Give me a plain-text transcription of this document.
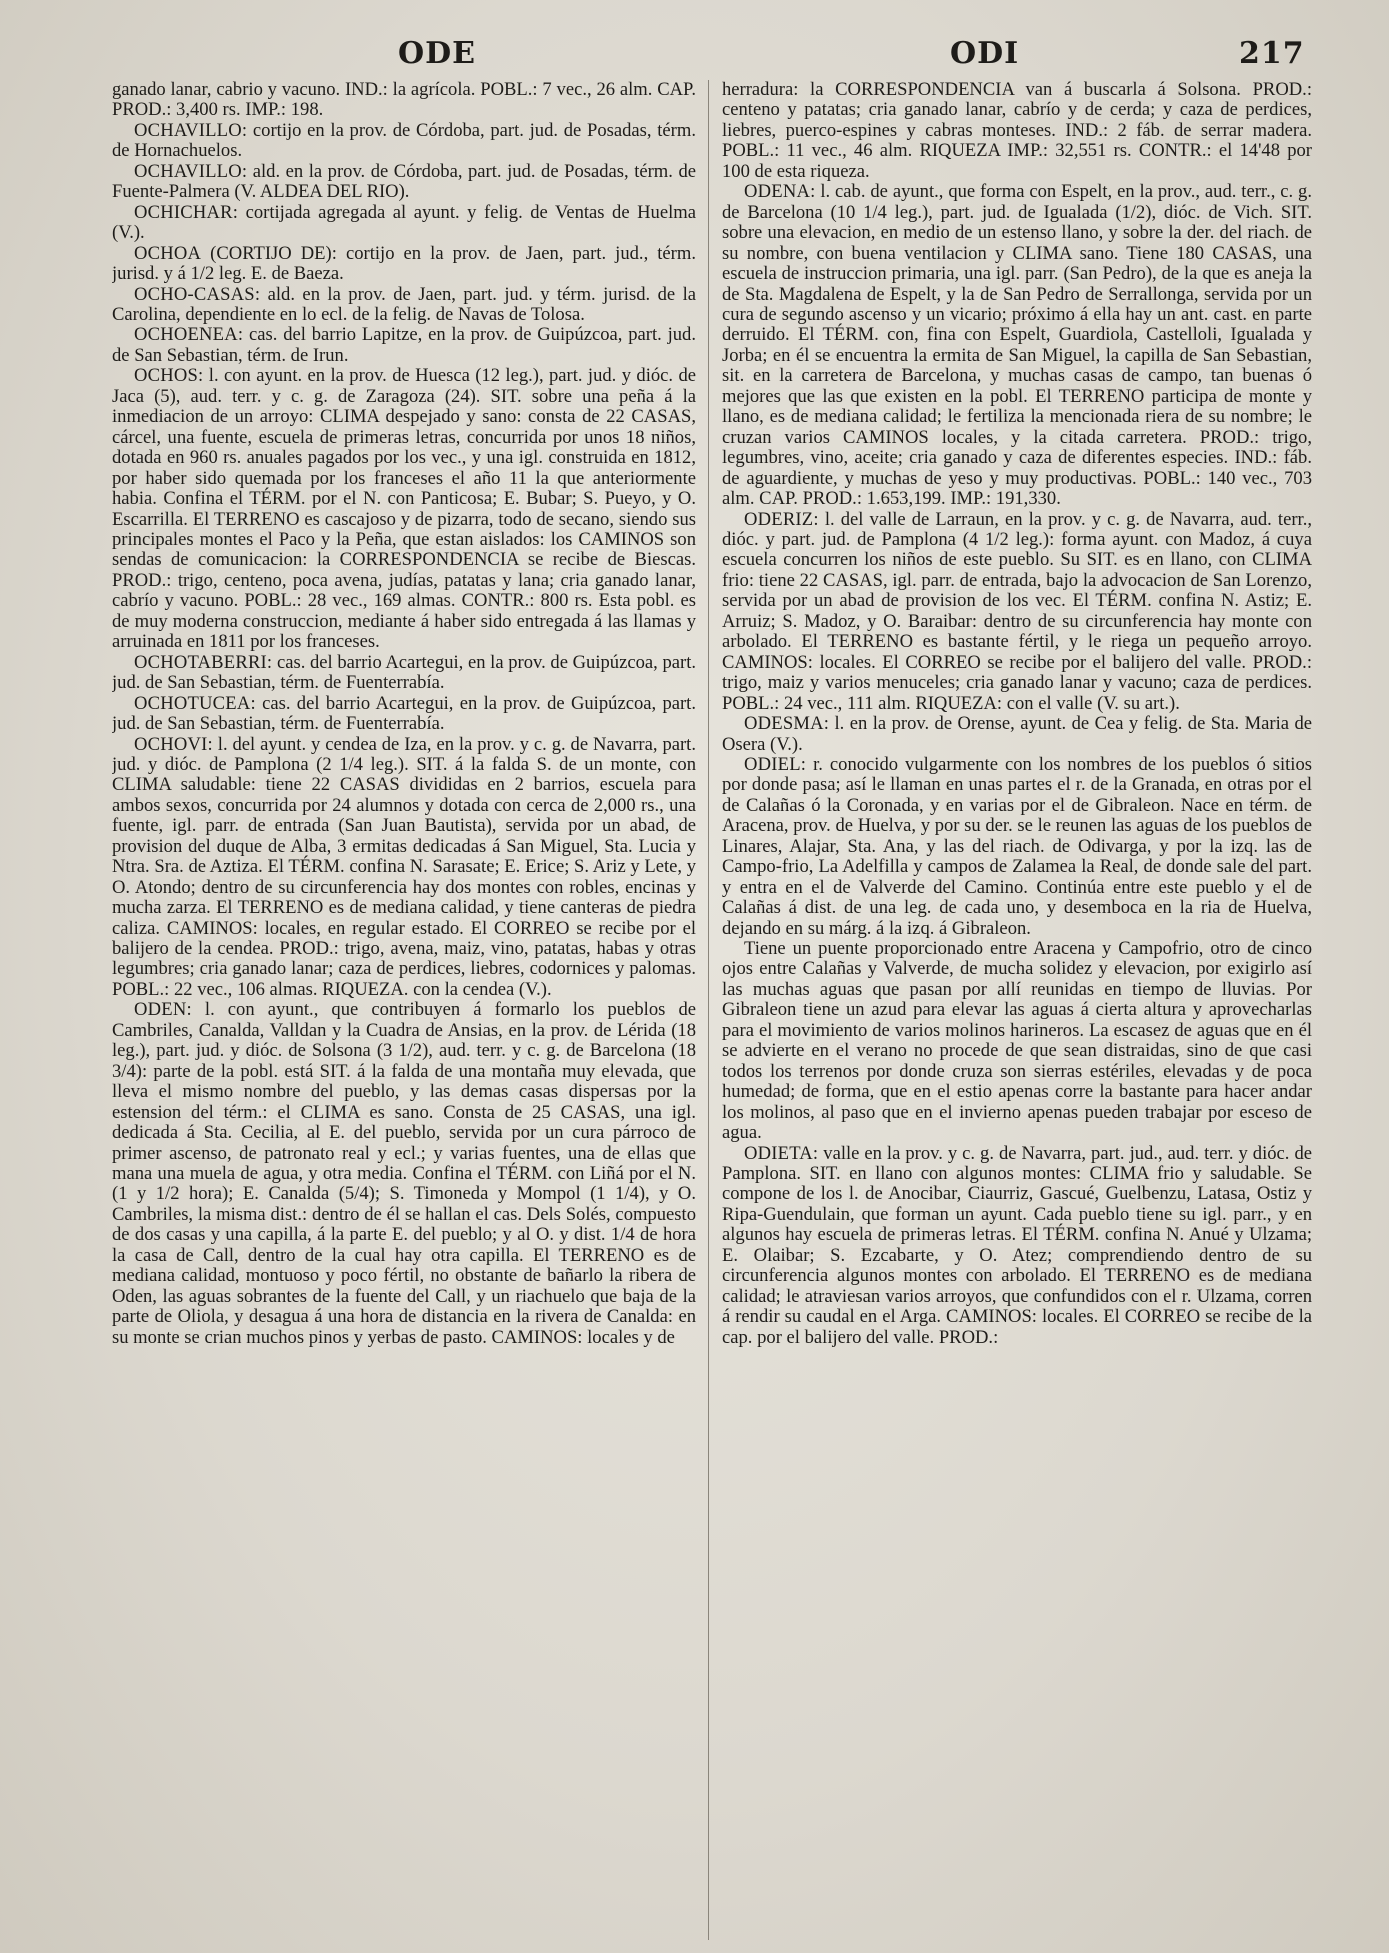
ODE	ODI	217

ganado lanar, cabrio y vacuno. IND.: la agrícola. POBL.: 7 vec., 26 alm. CAP. PROD.: 3,400 rs. IMP.: 198.

OCHAVILLO: cortijo en la prov. de Córdoba, part. jud. de Posadas, térm. de Hornachuelos.

OCHAVILLO: ald. en la prov. de Córdoba, part. jud. de Posadas, térm. de Fuente-Palmera (V. ALDEA DEL RIO).

OCHICHAR: cortijada agregada al ayunt. y felig. de Ventas de Huelma (V.).

OCHOA (CORTIJO DE): cortijo en la prov. de Jaen, part. jud., térm. jurisd. y á 1/2 leg. E. de Baeza.

OCHO-CASAS: ald. en la prov. de Jaen, part. jud. y térm. jurisd. de la Carolina, dependiente en lo ecl. de la felig. de Navas de Tolosa.

OCHOENEA: cas. del barrio Lapitze, en la prov. de Guipúzcoa, part. jud. de San Sebastian, térm. de Irun.

OCHOS: l. con ayunt. en la prov. de Huesca (12 leg.), part. jud. y dióc. de Jaca (5), aud. terr. y c. g. de Zaragoza (24). SIT. sobre una peña á la inmediacion de un arroyo: CLIMA despejado y sano: consta de 22 CASAS, cárcel, una fuente, escuela de primeras letras, concurrida por unos 18 niños, dotada en 960 rs. anuales pagados por los vec., y una igl. construida en 1812, por haber sido quemada por los franceses el año 11 la que anteriormente habia. Confina el TÉRM. por el N. con Panticosa; E. Bubar; S. Pueyo, y O. Escarrilla. El TERRENO es cascajoso y de pizarra, todo de secano, siendo sus principales montes el Paco y la Peña, que estan aislados: los CAMINOS son sendas de comunicacion: la CORRESPONDENCIA se recibe de Biescas. PROD.: trigo, centeno, poca avena, judías, patatas y lana; cria ganado lanar, cabrío y vacuno. POBL.: 28 vec., 169 almas. CONTR.: 800 rs. Esta pobl. es de muy moderna construccion, mediante á haber sido entregada á las llamas y arruinada en 1811 por los franceses.

OCHOTABERRI: cas. del barrio Acartegui, en la prov. de Guipúzcoa, part. jud. de San Sebastian, térm. de Fuenterrabía.

OCHOTUCEA: cas. del barrio Acartegui, en la prov. de Guipúzcoa, part. jud. de San Sebastian, térm. de Fuenterrabía.

OCHOVI: l. del ayunt. y cendea de Iza, en la prov. y c. g. de Navarra, part. jud. y dióc. de Pamplona (2 1/4 leg.). SIT. á la falda S. de un monte, con CLIMA saludable: tiene 22 CASAS divididas en 2 barrios, escuela para ambos sexos, concurrida por 24 alumnos y dotada con cerca de 2,000 rs., una fuente, igl. parr. de entrada (San Juan Bautista), servida por un abad, de provision del duque de Alba, 3 ermitas dedicadas á San Miguel, Sta. Lucia y Ntra. Sra. de Aztiza. El TÉRM. confina N. Sarasate; E. Erice; S. Ariz y Lete, y O. Atondo; dentro de su circunferencia hay dos montes con robles, encinas y mucha zarza. El TERRENO es de mediana calidad, y tiene canteras de piedra caliza. CAMINOS: locales, en regular estado. El CORREO se recibe por el balijero de la cendea. PROD.: trigo, avena, maiz, vino, patatas, habas y otras legumbres; cria ganado lanar; caza de perdices, liebres, codornices y palomas. POBL.: 22 vec., 106 almas. RIQUEZA. con la cendea (V.).

ODEN: l. con ayunt., que contribuyen á formarlo los pueblos de Cambriles, Canalda, Valldan y la Cuadra de Ansias, en la prov. de Lérida (18 leg.), part. jud. y dióc. de Solsona (3 1/2), aud. terr. y c. g. de Barcelona (18 3/4): parte de la pobl. está SIT. á la falda de una montaña muy elevada, que lleva el mismo nombre del pueblo, y las demas casas dispersas por la estension del térm.: el CLIMA es sano. Consta de 25 CASAS, una igl. dedicada á Sta. Cecilia, al E. del pueblo, servida por un cura párroco de primer ascenso, de patronato real y ecl.; y varias fuentes, una de ellas que mana una muela de agua, y otra media. Confina el TÉRM. con Liñá por el N. (1 y 1/2 hora); E. Canalda (5/4); S. Timoneda y Mompol (1 1/4), y O. Cambriles, la misma dist.: dentro de él se hallan el cas. Dels Solés, compuesto de dos casas y una capilla, á la parte E. del pueblo; y al O. y dist. 1/4 de hora la casa de Call, dentro de la cual hay otra capilla. El TERRENO es de mediana calidad, montuoso y poco fértil, no obstante de bañarlo la ribera de Oden, las aguas sobrantes de la fuente del Call, y un riachuelo que baja de la parte de Oliola, y desagua á una hora de distancia en la rivera de Canalda: en su monte se crian muchos pinos y yerbas de pasto. CAMINOS: locales y de

herradura: la CORRESPONDENCIA van á buscarla á Solsona. PROD.: centeno y patatas; cria ganado lanar, cabrío y de cerda; y caza de perdices, liebres, puerco-espines y cabras monteses. IND.: 2 fáb. de serrar madera. POBL.: 11 vec., 46 alm. RIQUEZA IMP.: 32,551 rs. CONTR.: el 14'48 por 100 de esta riqueza.

ODENA: l. cab. de ayunt., que forma con Espelt, en la prov., aud. terr., c. g. de Barcelona (10 1/4 leg.), part. jud. de Igualada (1/2), dióc. de Vich. SIT. sobre una elevacion, en medio de un estenso llano, y sobre la der. del riach. de su nombre, con buena ventilacion y CLIMA sano. Tiene 180 CASAS, una escuela de instruccion primaria, una igl. parr. (San Pedro), de la que es aneja la de Sta. Magdalena de Espelt, y la de San Pedro de Serrallonga, servida por un cura de segundo ascenso y un vicario; próximo á ella hay un ant. cast. en parte derruido. El TÉRM. con, fina con Espelt, Guardiola, Castelloli, Igualada y Jorba; en él se encuentra la ermita de San Miguel, la capilla de San Sebastian, sit. en la carretera de Barcelona, y muchas casas de campo, tan buenas ó mejores que las que existen en la pobl. El TERRENO participa de monte y llano, es de mediana calidad; le fertiliza la mencionada riera de su nombre; le cruzan varios CAMINOS locales, y la citada carretera. PROD.: trigo, legumbres, vino, aceite; cria ganado y caza de diferentes especies. IND.: fáb. de aguardiente, y muchas de yeso y muy productivas. POBL.: 140 vec., 703 alm. CAP. PROD.: 1.653,199. IMP.: 191,330.

ODERIZ: l. del valle de Larraun, en la prov. y c. g. de Navarra, aud. terr., dióc. y part. jud. de Pamplona (4 1/2 leg.): forma ayunt. con Madoz, á cuya escuela concurren los niños de este pueblo. Su SIT. es en llano, con CLIMA frio: tiene 22 CASAS, igl. parr. de entrada, bajo la advocacion de San Lorenzo, servida por un abad de provision de los vec. El TÉRM. confina N. Astiz; E. Arruiz; S. Madoz, y O. Baraibar: dentro de su circunferencia hay monte con arbolado. El TERRENO es bastante fértil, y le riega un pequeño arroyo. CAMINOS: locales. El CORREO se recibe por el balijero del valle. PROD.: trigo, maiz y varios menuceles; cria ganado lanar y vacuno; caza de perdices. POBL.: 24 vec., 111 alm. RIQUEZA: con el valle (V. su art.).

ODESMA: l. en la prov. de Orense, ayunt. de Cea y felig. de Sta. Maria de Osera (V.).

ODIEL: r. conocido vulgarmente con los nombres de los pueblos ó sitios por donde pasa; así le llaman en unas partes el r. de la Granada, en otras por el de Calañas ó la Coronada, y en varias por el de Gibraleon. Nace en térm. de Aracena, prov. de Huelva, y por su der. se le reunen las aguas de los pueblos de Linares, Alajar, Sta. Ana, y las del riach. de Odivarga, y por la izq. las de Campo-frio, La Adelfilla y campos de Zalamea la Real, de donde sale del part. y entra en el de Valverde del Camino. Continúa entre este pueblo y el de Calañas á dist. de una leg. de cada uno, y desemboca en la ria de Huelva, dejando en su márg. á la izq. á Gibraleon.

Tiene un puente proporcionado entre Aracena y Campofrio, otro de cinco ojos entre Calañas y Valverde, de mucha solidez y elevacion, por exigirlo así las muchas aguas que pasan por allí reunidas en tiempo de lluvias. Por Gibraleon tiene un azud para elevar las aguas á cierta altura y aprovecharlas para el movimiento de varios molinos harineros. La escasez de aguas que en él se advierte en el verano no procede de que sean distraidas, sino de que casi todos los terrenos por donde cruza son sierras estériles, elevadas y de poca humedad; de forma, que en el estio apenas corre la bastante para hacer andar los molinos, al paso que en el invierno apenas pueden trabajar por esceso de agua.

ODIETA: valle en la prov. y c. g. de Navarra, part. jud., aud. terr. y dióc. de Pamplona. SIT. en llano con algunos montes: CLIMA frio y saludable. Se compone de los l. de Anocibar, Ciaurriz, Gascué, Guelbenzu, Latasa, Ostiz y Ripa-Guendulain, que forman un ayunt. Cada pueblo tiene su igl. parr., y en algunos hay escuela de primeras letras. El TÉRM. confina N. Anué y Ulzama; E. Olaibar; S. Ezcabarte, y O. Atez; comprendiendo dentro de su circunferencia algunos montes con arbolado. El TERRENO es de mediana calidad; le atraviesan varios arroyos, que confundidos con el r. Ulzama, corren á rendir su caudal en el Arga. CAMINOS: locales. El CORREO se recibe de la cap. por el balijero del valle. PROD.:
